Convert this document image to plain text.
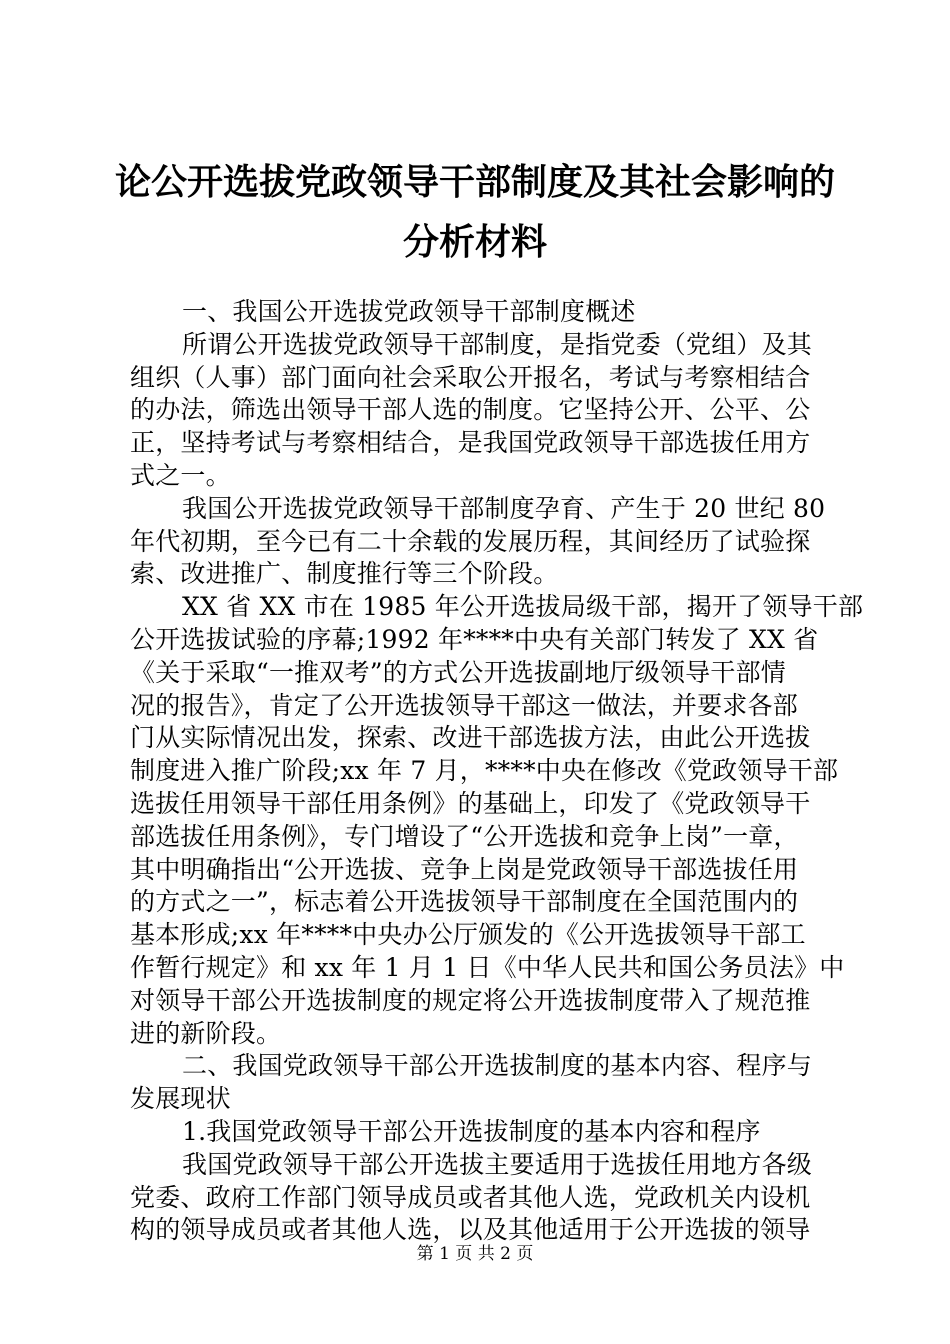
论公开选拔党政领导干部制度及其社会影响的
分析材料

一、我国公开选拔党政领导干部制度概述

所谓公开选拔党政领导干部制度，是指党委（党组）及其

组织（人事）部门面向社会采取公开报名，考试与考察相结合

的办法，筛选出领导干部人选的制度。它坚持公开、公平、公

正，坚持考试与考察相结合，是我国党政领导干部选拔任用方

式之一。

我国公开选拔党政领导干部制度孕育、产生于 20 世纪 80

年代初期，至今已有二十余载的发展历程，其间经历了试验探

索、改进推广、制度推行等三个阶段。

XX 省 XX 市在 1985 年公开选拔局级干部，揭开了领导干部

公开选拔试验的序幕;1992 年****中央有关部门转发了 XX 省

《关于采取“一推双考”的方式公开选拔副地厅级领导干部情

况的报告》，肯定了公开选拔领导干部这一做法，并要求各部

门从实际情况出发，探索、改进干部选拔方法，由此公开选拔

制度进入推广阶段;xx 年 7 月，****中央在修改《党政领导干部

选拔任用领导干部任用条例》的基础上，印发了《党政领导干

部选拔任用条例》，专门增设了“公开选拔和竞争上岗”一章，

其中明确指出“公开选拔、竞争上岗是党政领导干部选拔任用

的方式之一”，标志着公开选拔领导干部制度在全国范围内的

基本形成;xx 年****中央办公厅颁发的《公开选拔领导干部工

作暂行规定》和 xx 年 1 月 1 日《中华人民共和国公务员法》中

对领导干部公开选拔制度的规定将公开选拔制度带入了规范推

进的新阶段。

二、我国党政领导干部公开选拔制度的基本内容、程序与

发展现状

1.我国党政领导干部公开选拔制度的基本内容和程序

我国党政领导干部公开选拔主要适用于选拔任用地方各级

党委、政府工作部门领导成员或者其他人选，党政机关内设机

构的领导成员或者其他人选，以及其他适用于公开选拔的领导

第 1 页 共 2 页
